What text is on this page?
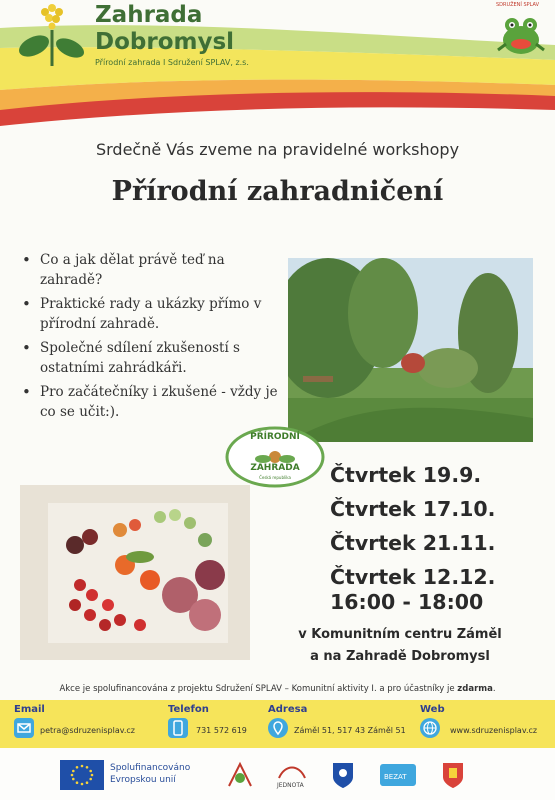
Zahrada
Dobromysl
Přírodní zahrada I Sdružení SPLAV, z.s.
SDRUŽENÍ SPLAV
Srdečně Vás zveme na pravidelné workshopy
Přírodní zahradničení
• Co a jak dělat právě teď na zahradě?
• Praktické rady a ukázky přímo v přírodní zahradě.
• Společné sdílení zkušeností s ostatními zahrádkáři.
• Pro začátečníky i zkušené - vždy je co se učit:).
PŘÍRODNÍ
ZAHRADA
Česká republika	Čtvrtek 19.9.
Čtvrtek 17.10.
Čtvrtek 21.11.
Čtvrtek 12.12.
16:00 - 18:00
v Komunitním centru Záměl
a na Zahradě Dobromysl
Akce je spolufinancována z projektu Sdružení SPLAV – Komunitní aktivity I. a pro účastníky je zdarma.
Email
petra@sdruzenisplav.cz
Telefon
731 572 619
Adresa
Záměl 51, 517 43 Záměl 51
Web
www.sdruzenisplav.cz
Spolufinancováno
Evropskou unií
JEDNOTA
BEZAT
